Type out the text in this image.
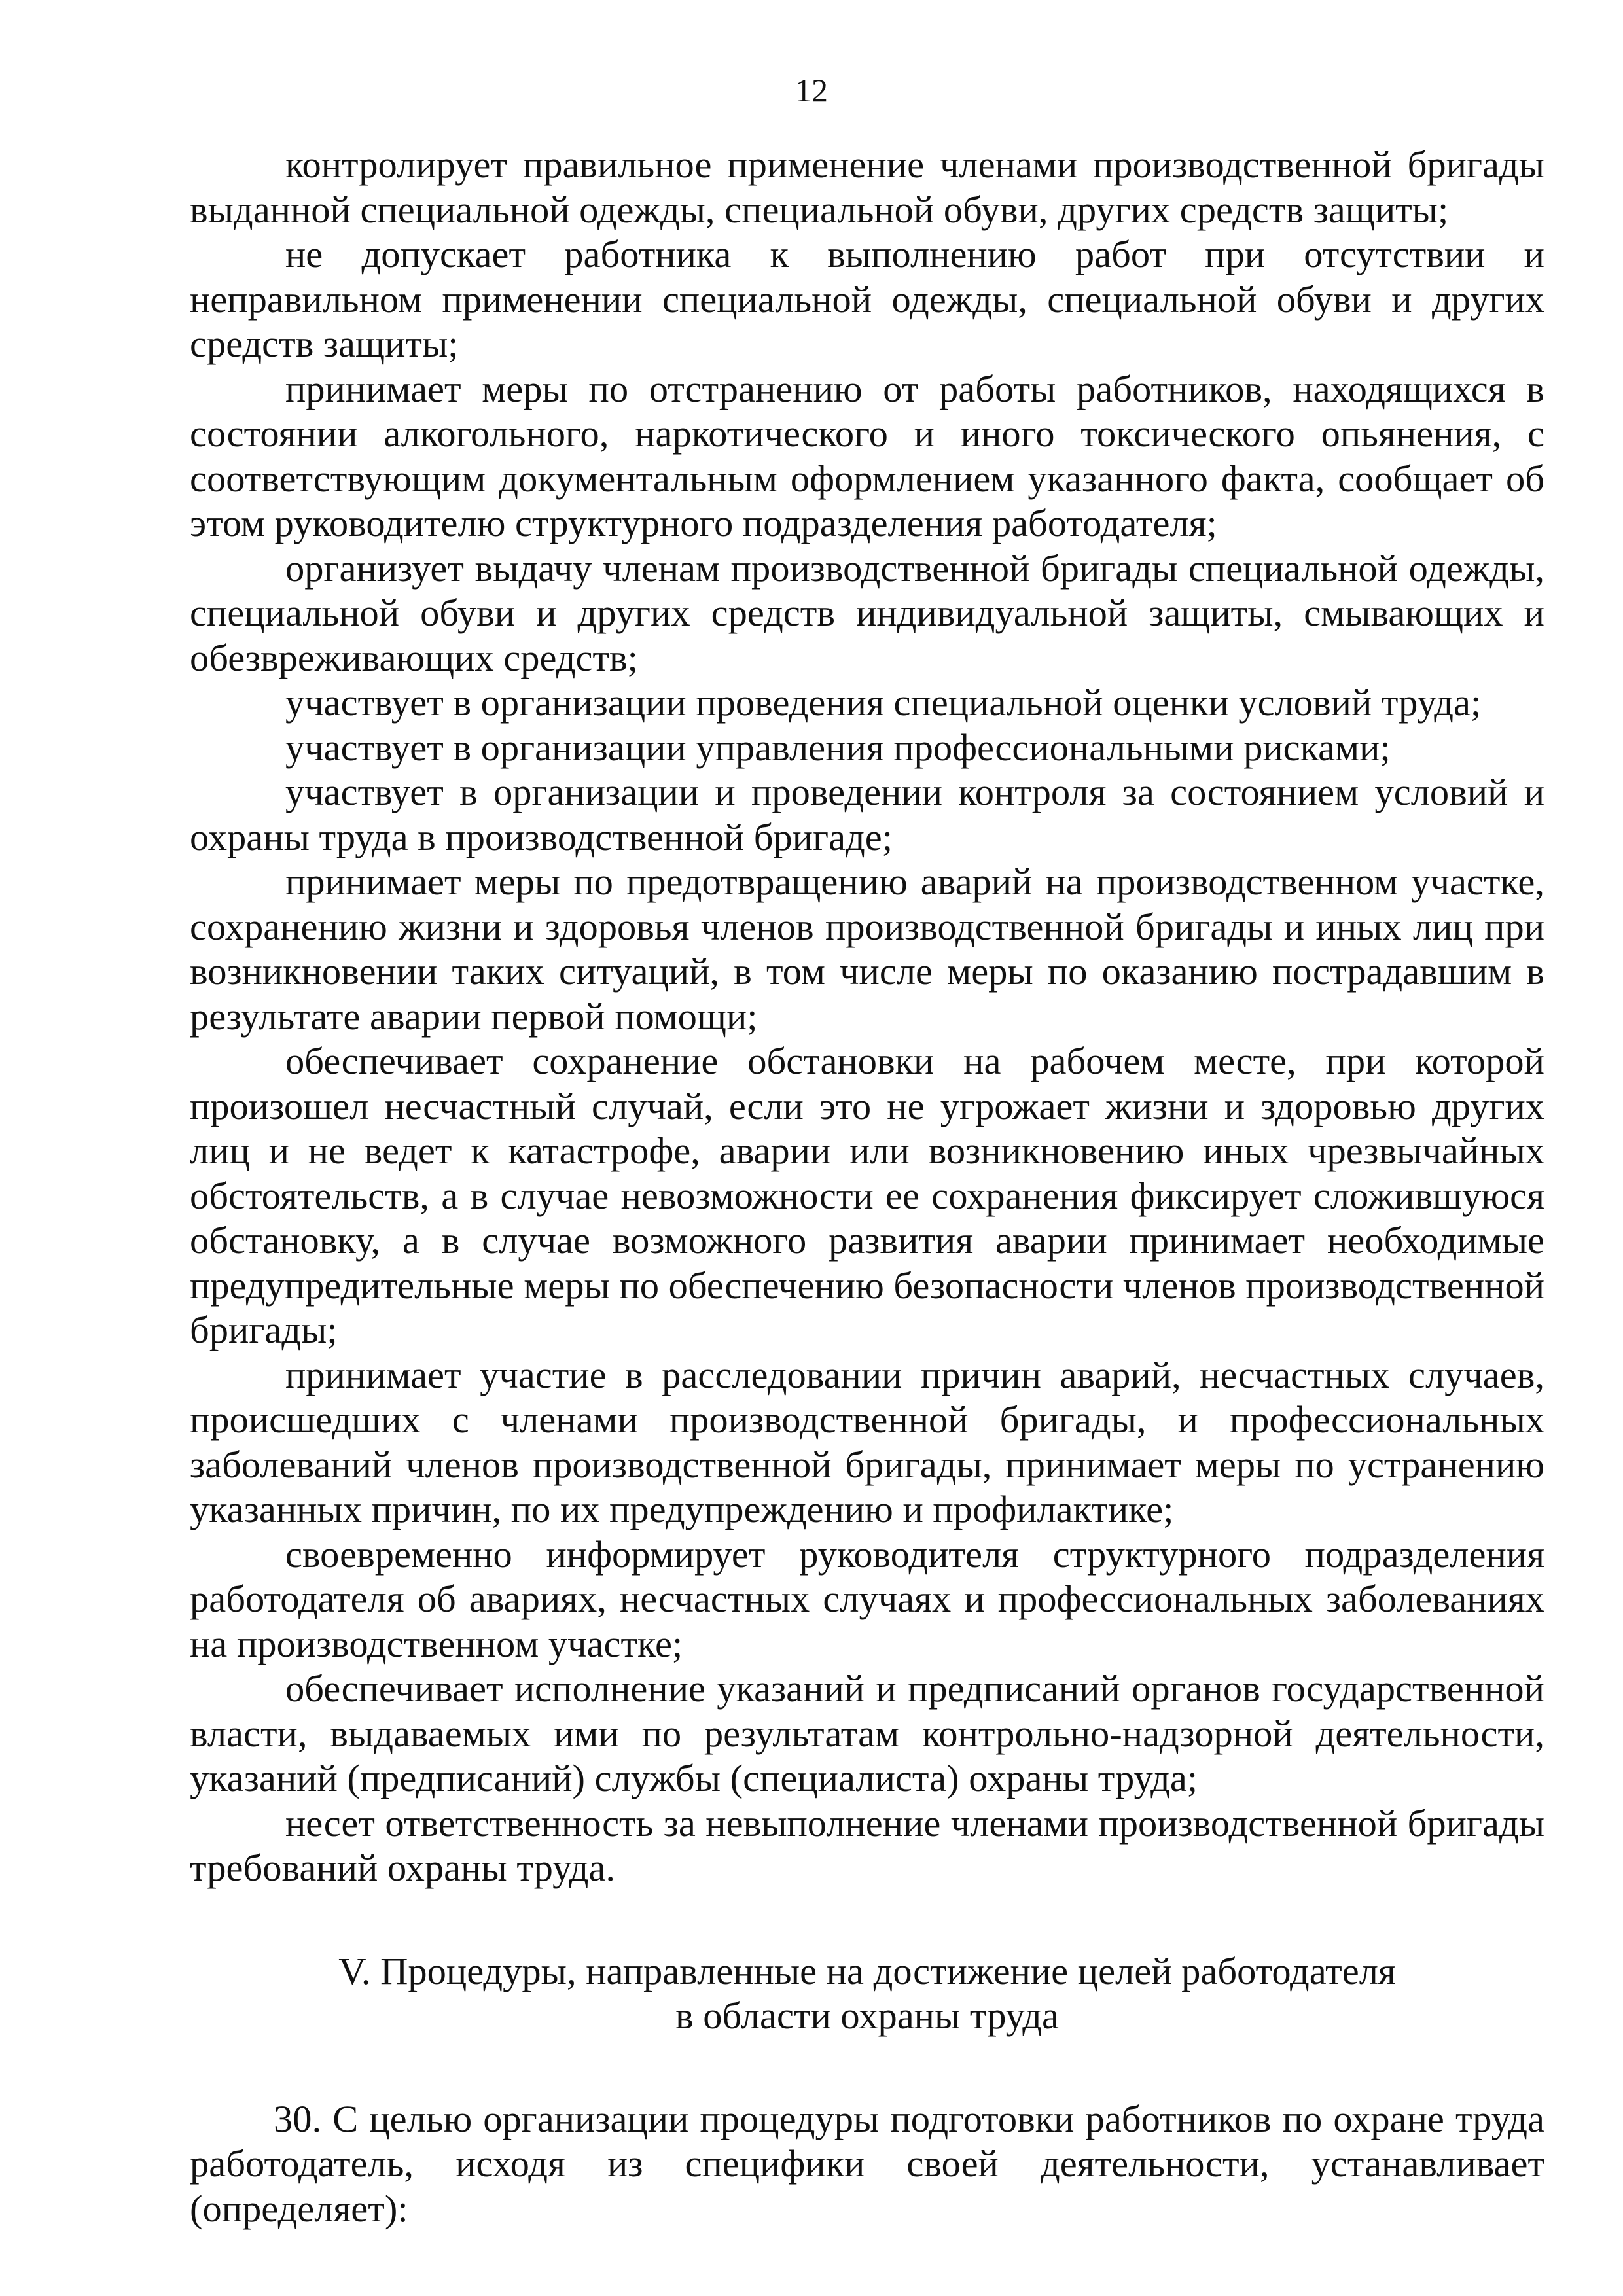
12

контролирует правильное применение членами производственной бригады выданной специальной одежды, специальной обуви, других средств защиты;

не допускает работника к выполнению работ при отсутствии и неправильном применении специальной одежды, специальной обуви и других средств защиты;

принимает меры по отстранению от работы работников, находящихся в состоянии алкогольного, наркотического и иного токсического опьянения, с соответствующим документальным оформлением указанного факта, сообщает об этом руководителю структурного подразделения работодателя;

организует выдачу членам производственной бригады специальной одежды, специальной обуви и других средств индивидуальной защиты, смывающих и обезвреживающих средств;

участвует в организации проведения специальной оценки условий труда;

участвует в организации управления профессиональными рисками;

участвует в организации и проведении контроля за состоянием условий и охраны труда в производственной бригаде;

принимает меры по предотвращению аварий на производственном участке, сохранению жизни и здоровья членов производственной бригады и иных лиц при возникновении таких ситуаций, в том числе меры по оказанию пострадавшим в результате аварии первой помощи;

обеспечивает сохранение обстановки на рабочем месте, при которой произошел несчастный случай, если это не угрожает жизни и здоровью других лиц и не ведет к катастрофе, аварии или возникновению иных чрезвычайных обстоятельств, а в случае невозможности ее сохранения фиксирует сложившуюся обстановку, а в случае возможного развития аварии принимает необходимые предупредительные меры по обеспечению безопасности членов производственной бригады;

принимает участие в расследовании причин аварий, несчастных случаев, происшедших с членами производственной бригады, и профессиональных заболеваний членов производственной бригады, принимает меры по устранению указанных причин, по их предупреждению и профилактике;

своевременно информирует руководителя структурного подразделения работодателя об авариях, несчастных случаях и профессиональных заболеваниях на производственном участке;

обеспечивает исполнение указаний и предписаний органов государственной власти, выдаваемых ими по результатам контрольно-надзорной деятельности, указаний (предписаний) службы (специалиста) охраны труда;

несет ответственность за невыполнение членами производственной бригады требований охраны труда.

V. Процедуры, направленные на достижение целей работодателя
в области охраны труда

30. С целью организации процедуры подготовки работников по охране труда работодатель, исходя из специфики своей деятельности, устанавливает (определяет):
